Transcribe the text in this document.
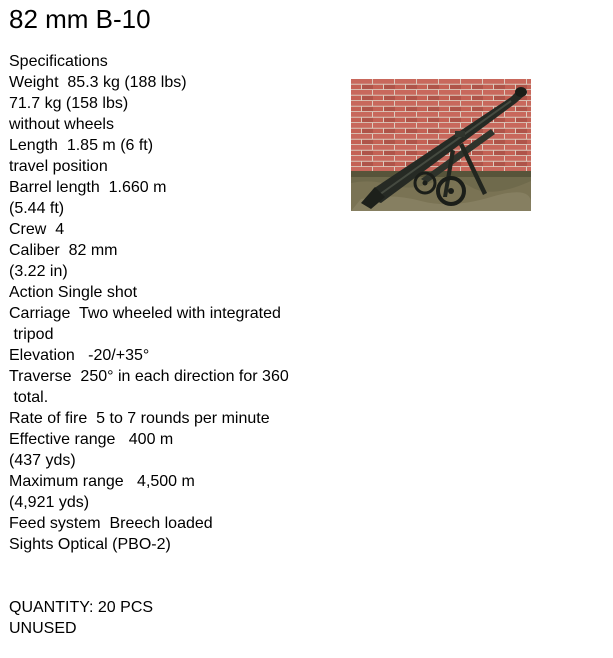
82 mm B-10
Specifications
Weight  85.3 kg (188 lbs)
71.7 kg (158 lbs)
without wheels
Length  1.85 m (6 ft)
travel position
Barrel length  1.660 m
(5.44 ft)
Crew  4
Caliber  82 mm
(3.22 in)
Action Single shot
Carriage  Two wheeled with integrated
tripod
Elevation   -20/+35°
Traverse  250° in each direction for 360
total.
Rate of fire  5 to 7 rounds per minute
Effective range   400 m
(437 yds)
Maximum range   4,500 m
(4,921 yds)
Feed system  Breech loaded
Sights Optical (PBO-2)
QUANTITY: 20 PCS
UNUSED
